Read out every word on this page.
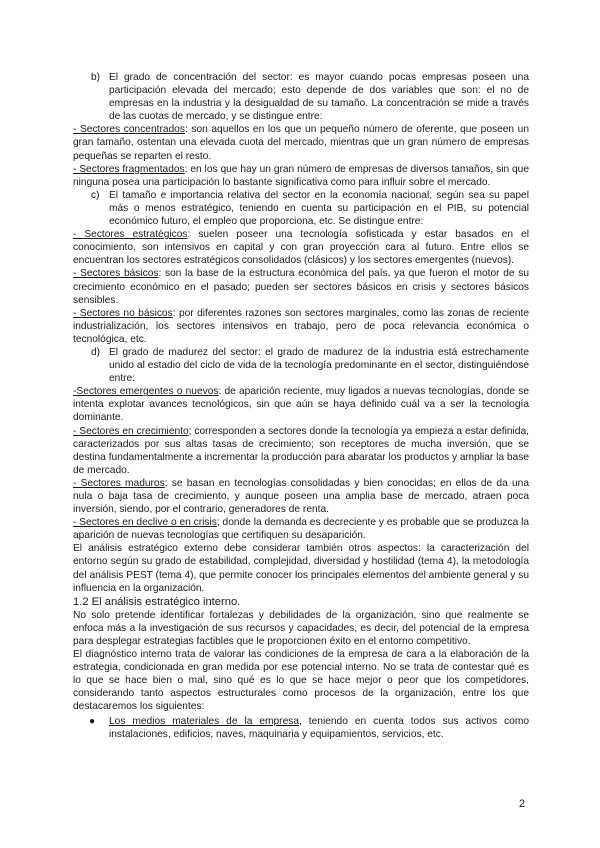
b) El grado de concentración del sector: es mayor cuando pocas empresas poseen una participación elevada del mercado; esto depende de dos variables que son: el no de empresas en la industria y la desigualdad de su tamaño. La concentración se mide a través de las cuotas de mercado, y se distingue entre:

- Sectores concentrados: son aquellos en los que un pequeño número de oferente, que poseen un gran tamaño, ostentan una elevada cuota del mercado, mientras que un gran número de empresas pequeñas se reparten el resto.

- Sectores fragmentados: en los que hay un gran número de empresas de diversos tamaños, sin que ninguna posea una participación lo bastante significativa como para influir sobre el mercado.

c) El tamaño e importancia relativa del sector en la economía nacional, según sea su papel más o menos estratégico, teniendo en cuenta su participación en el PIB, su potencial económico futuro, el empleo que proporciona, etc. Se distingue entre:

- Sectores estratégicos: suelen poseer una tecnología sofisticada y estar basados en el conocimiento, son intensivos en capital y con gran proyección cara al futuro. Entre ellos se encuentran los sectores estratégicos consolidados (clásicos) y los sectores emergentes (nuevos).

- Sectores básicos: son la base de la estructura económica del país, ya que fueron el motor de su crecimiento económico en el pasado; pueden ser sectores básicos en crisis y sectores básicos sensibles.

- Sectores no básicos: por diferentes razones son sectores marginales, como las zonas de reciente industrialización, los sectores intensivos en trabajo, pero de poca relevancia económica o tecnológica, etc.

d) El grado de madurez del sector: el grado de madurez de la industria está estrechamente unido al estadio del ciclo de vida de la tecnología predominante en el sector, distinguiéndose entre:

-Sectores emergentes o nuevos: de aparición reciente, muy ligados a nuevas tecnologías, donde se intenta explotar avances tecnológicos, sin que aún se haya definido cuál va a ser la tecnología dominante.

- Sectores en crecimiento; corresponden a sectores donde la tecnología ya empieza a estar definida, caracterizados por sus altas tasas de crecimiento; son receptores de mucha inversión, que se destina fundamentalmente a incrementar la producción para abaratar los productos y ampliar la base de mercado.

- Sectores maduros; se basan en tecnologías consolidadas y bien conocidas; en ellos de da una nula o baja tasa de crecimiento, y aunque poseen una amplia base de mercado, atraen poca inversión, siendo, por el contrario, generadores de renta.

- Sectores en declive o en crisis; donde la demanda es decreciente y es probable que se produzca la aparición de nuevas tecnologías que certifiquen su desaparición.

El análisis estratégico externo debe considerar también otros aspectos: la caracterización del entorno según su grado de estabilidad, complejidad, diversidad y hostilidad (tema 4), la metodología del análisis PEST (tema 4), que permite conocer los principales elementos del ambiente general y su influencia en la organización.

1.2 El análisis estratégico interno.

No solo pretende identificar fortalezas y debilidades de la organización, sino que realmente se enfoca más a la investigación de sus recursos y capacidades, es decir, del potencial de la empresa para desplegar estrategias factibles que le proporcionen éxito en el entorno competitivo.

El diagnóstico interno trata de valorar las condiciones de la empresa de cara a la elaboración de la estrategia, condicionada en gran medida por ese potencial interno. No se trata de contestar qué es lo que se hace bien o mal, sino qué es lo que se hace mejor o peor que los competidores, considerando tanto aspectos estructurales como procesos de la organización, entre los que destacaremos los siguientes:

● Los medios materiales de la empresa, teniendo en cuenta todos sus activos como instalaciones, edificios, naves, maquinaria y equipamientos, servicios, etc.
2
